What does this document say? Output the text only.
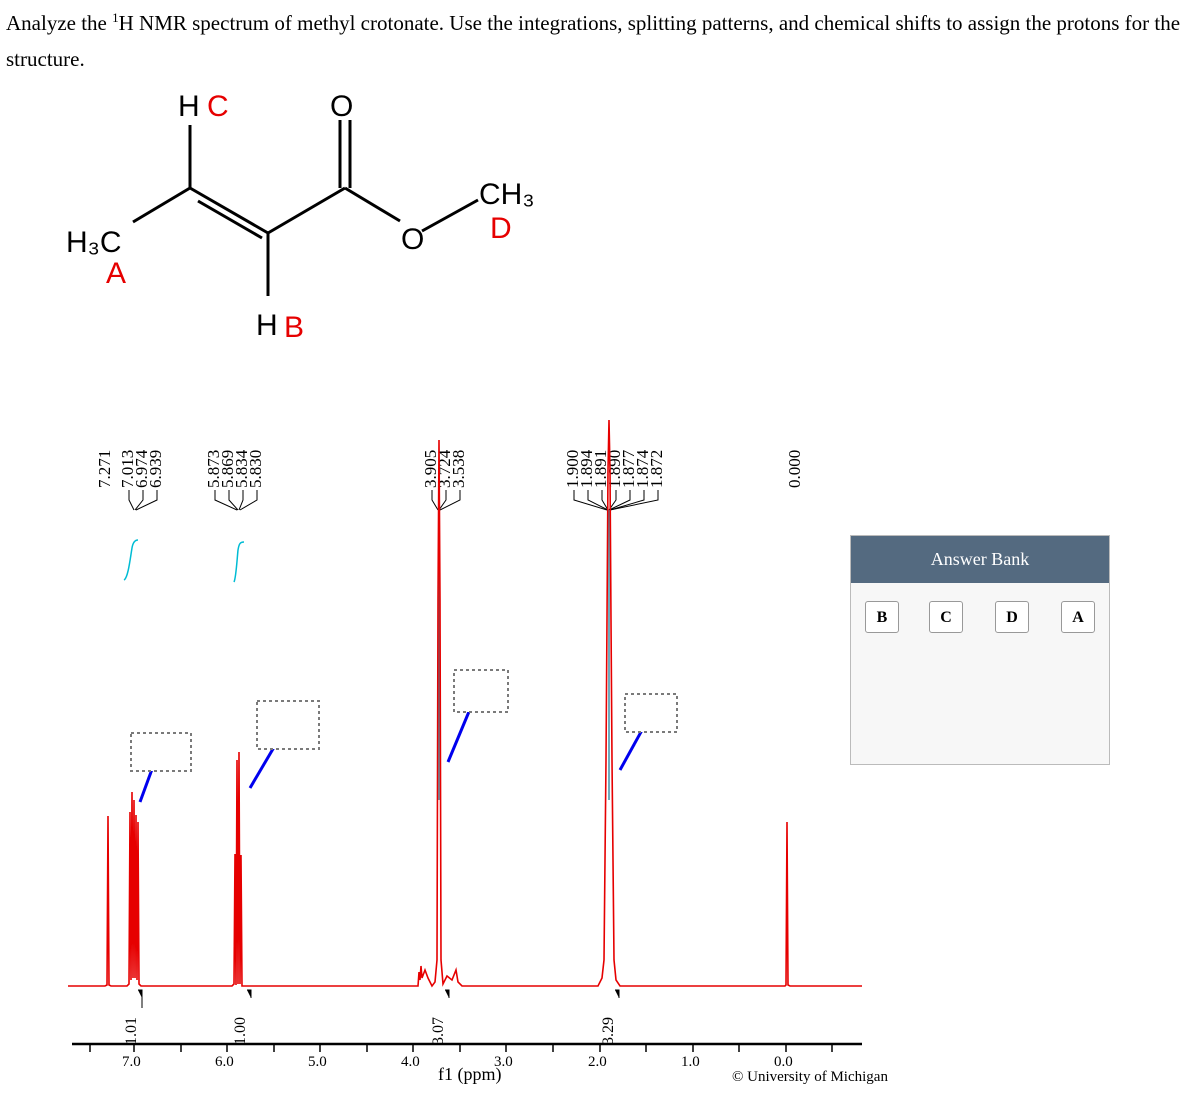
Analyze the $^1$H NMR spectrum of methyl crotonate. Use the integrations, splitting patterns, and chemical shifts to assign the protons for the structure.

H C	O
H₃C
A
O
CH₃
D
H B
7.271 7.013
6.974
6.939 5.873
5.869
5.834
5.830	3.905
3.724
3.538	1.900
1.894
1.891
1.890
1.877
1.874
1.872	0.000
1.01	1.00	3.07	3.29
7.0	6.0	5.0	4.0	3.0	2.0	1.0	0.0
f1 (ppm)	© University of Michigan
Answer Bank
B	C	D	A
